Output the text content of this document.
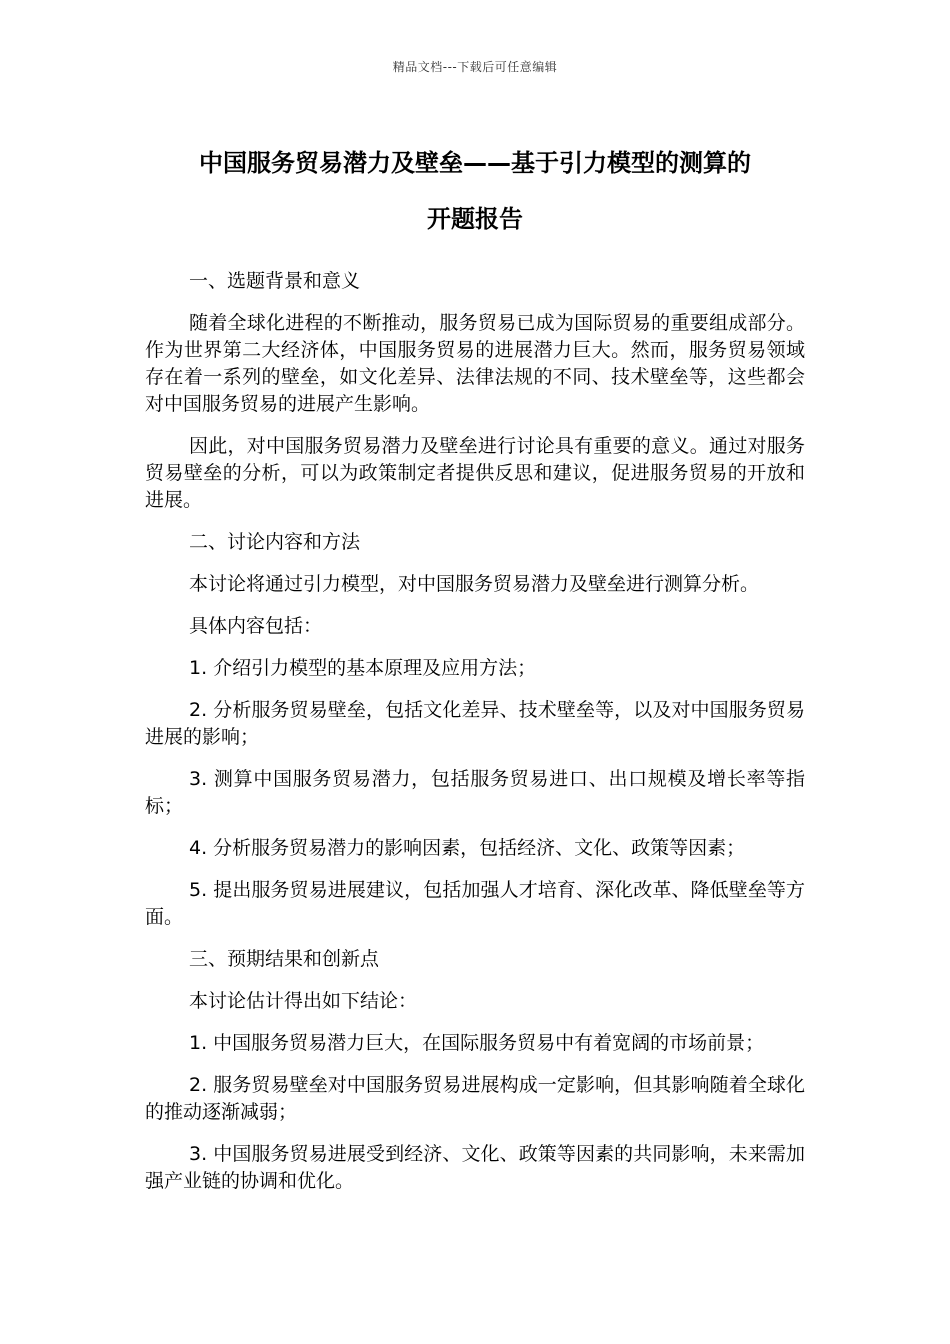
精品文档---下载后可任意编辑
中国服务贸易潜力及壁垒——基于引力模型的测算的
开题报告

一、选题背景和意义

随着全球化进程的不断推动，服务贸易已成为国际贸易的重要组成部分。作为世界第二大经济体，中国服务贸易的进展潜力巨大。然而，服务贸易领域存在着一系列的壁垒，如文化差异、法律法规的不同、技术壁垒等，这些都会对中国服务贸易的进展产生影响。

因此，对中国服务贸易潜力及壁垒进行讨论具有重要的意义。通过对服务贸易壁垒的分析，可以为政策制定者提供反思和建议，促进服务贸易的开放和进展。

二、讨论内容和方法

本讨论将通过引力模型，对中国服务贸易潜力及壁垒进行测算分析。

具体内容包括：

1. 介绍引力模型的基本原理及应用方法；

2. 分析服务贸易壁垒，包括文化差异、技术壁垒等，以及对中国服务贸易进展的影响；

3. 测算中国服务贸易潜力，包括服务贸易进口、出口规模及增长率等指标；

4. 分析服务贸易潜力的影响因素，包括经济、文化、政策等因素；

5. 提出服务贸易进展建议，包括加强人才培育、深化改革、降低壁垒等方面。

三、预期结果和创新点

本讨论估计得出如下结论：

1. 中国服务贸易潜力巨大，在国际服务贸易中有着宽阔的市场前景；

2. 服务贸易壁垒对中国服务贸易进展构成一定影响，但其影响随着全球化的推动逐渐减弱；

3. 中国服务贸易进展受到经济、文化、政策等因素的共同影响，未来需加强产业链的协调和优化。
